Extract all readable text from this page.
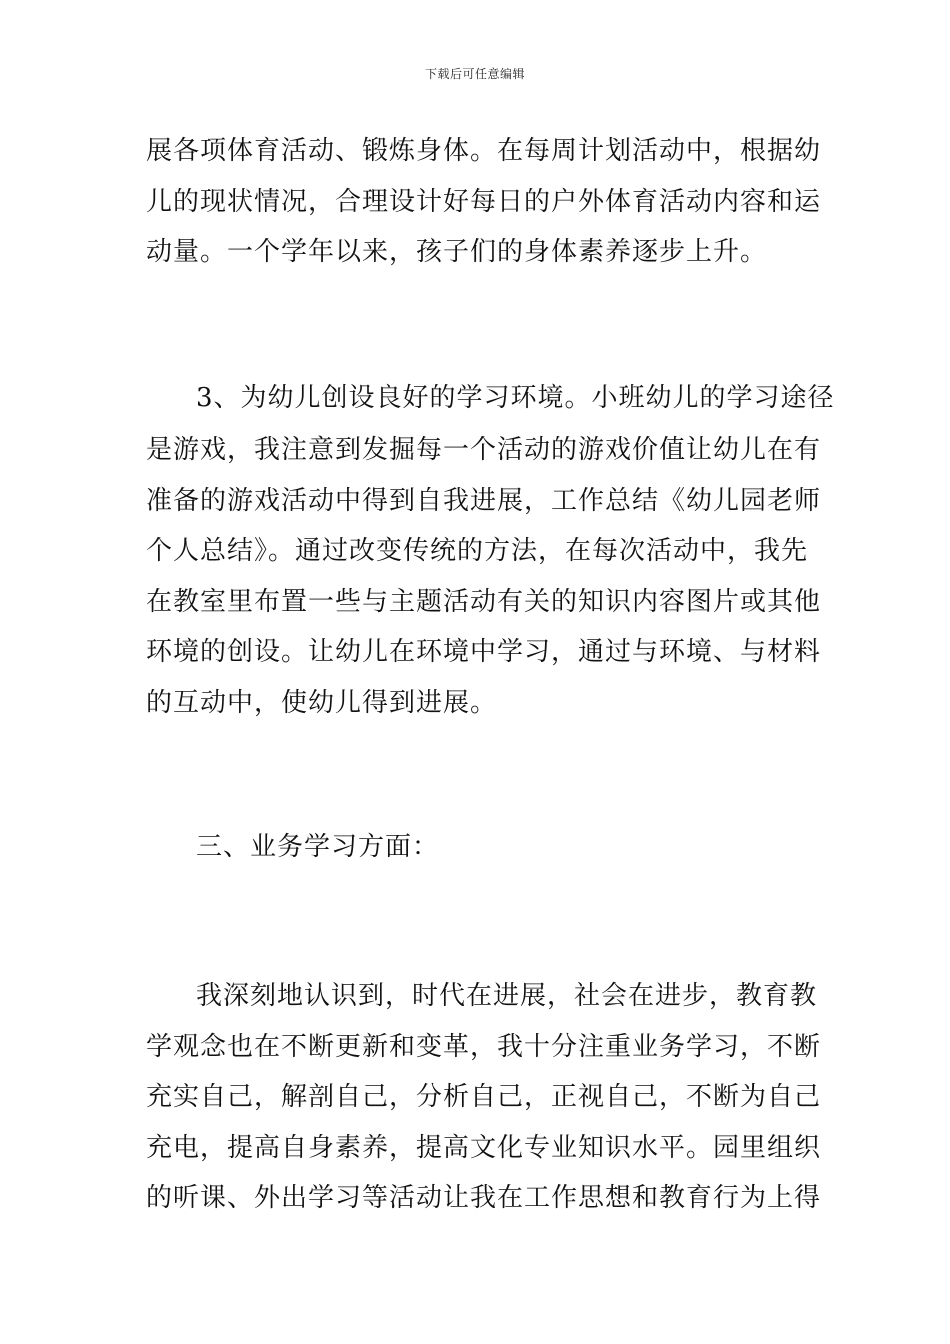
下载后可任意编辑
展各项体育活动、锻炼身体。在每周计划活动中，根据幼
儿的现状情况，合理设计好每日的户外体育活动内容和运
动量。一个学年以来，孩子们的身体素养逐步上升。
3、为幼儿创设良好的学习环境。小班幼儿的学习途径
是游戏，我注意到发掘每一个活动的游戏价值让幼儿在有
准备的游戏活动中得到自我进展，工作总结《幼儿园老师
个人总结》。通过改变传统的方法，在每次活动中，我先
在教室里布置一些与主题活动有关的知识内容图片或其他
环境的创设。让幼儿在环境中学习，通过与环境、与材料
的互动中，使幼儿得到进展。
三、业务学习方面：
我深刻地认识到，时代在进展，社会在进步，教育教
学观念也在不断更新和变革，我十分注重业务学习，不断
充实自己，解剖自己，分析自己，正视自己，不断为自己
充电，提高自身素养，提高文化专业知识水平。园里组织
的听课、外出学习等活动让我在工作思想和教育行为上得
